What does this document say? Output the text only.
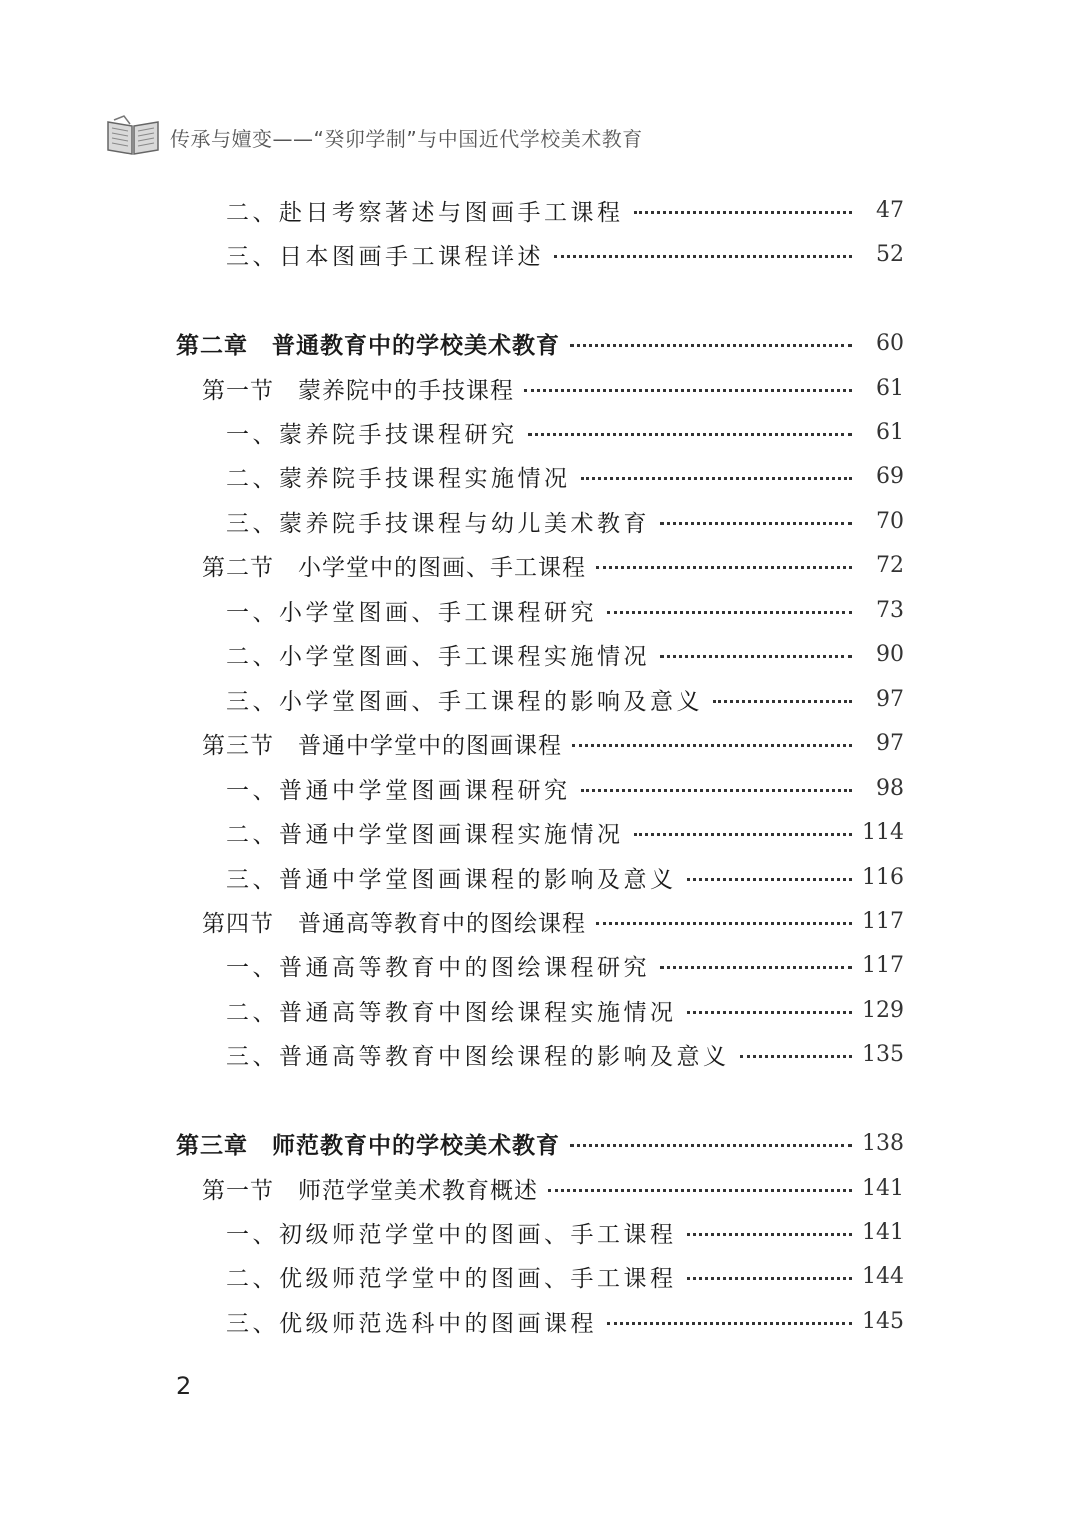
传承与嬗变——“癸卯学制”与中国近代学校美术教育
二、赴日考察著述与图画手工课程	47
三、日本图画手工课程详述	52
第二章　普通教育中的学校美术教育	60
第一节　蒙养院中的手技课程	61
一、蒙养院手技课程研究	61
二、蒙养院手技课程实施情况	69
三、蒙养院手技课程与幼儿美术教育	70
第二节　小学堂中的图画、手工课程	72
一、小学堂图画、手工课程研究	73
二、小学堂图画、手工课程实施情况	90
三、小学堂图画、手工课程的影响及意义	97
第三节　普通中学堂中的图画课程	97
一、普通中学堂图画课程研究	98
二、普通中学堂图画课程实施情况	114
三、普通中学堂图画课程的影响及意义	116
第四节　普通高等教育中的图绘课程	117
一、普通高等教育中的图绘课程研究	117
二、普通高等教育中图绘课程实施情况	129
三、普通高等教育中图绘课程的影响及意义	135
第三章　师范教育中的学校美术教育	138
第一节　师范学堂美术教育概述	141
一、初级师范学堂中的图画、手工课程	141
二、优级师范学堂中的图画、手工课程	144
三、优级师范选科中的图画课程	145
2
